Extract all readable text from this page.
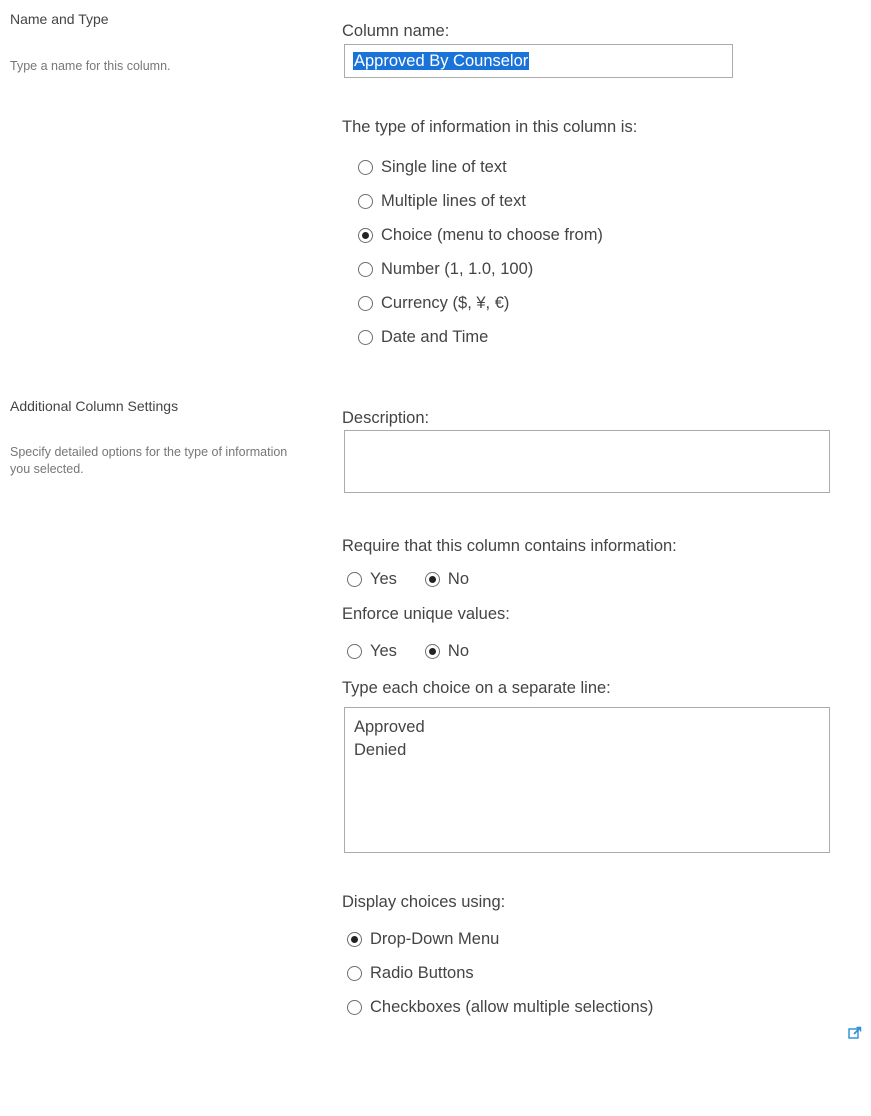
Name and Type
Type a name for this column.
Column name:
Approved By Counselor
The type of information in this column is:
Single line of text
Multiple lines of text
Choice (menu to choose from)
Number (1, 1.0, 100)
Currency ($, ¥, €)
Date and Time
Additional Column Settings
Specify detailed options for the type of information you selected.
Description:
Require that this column contains information:
Yes	No
Enforce unique values:
Yes	No
Type each choice on a separate line:
Approved
Denied
Display choices using:
Drop-Down Menu
Radio Buttons
Checkboxes (allow multiple selections)
